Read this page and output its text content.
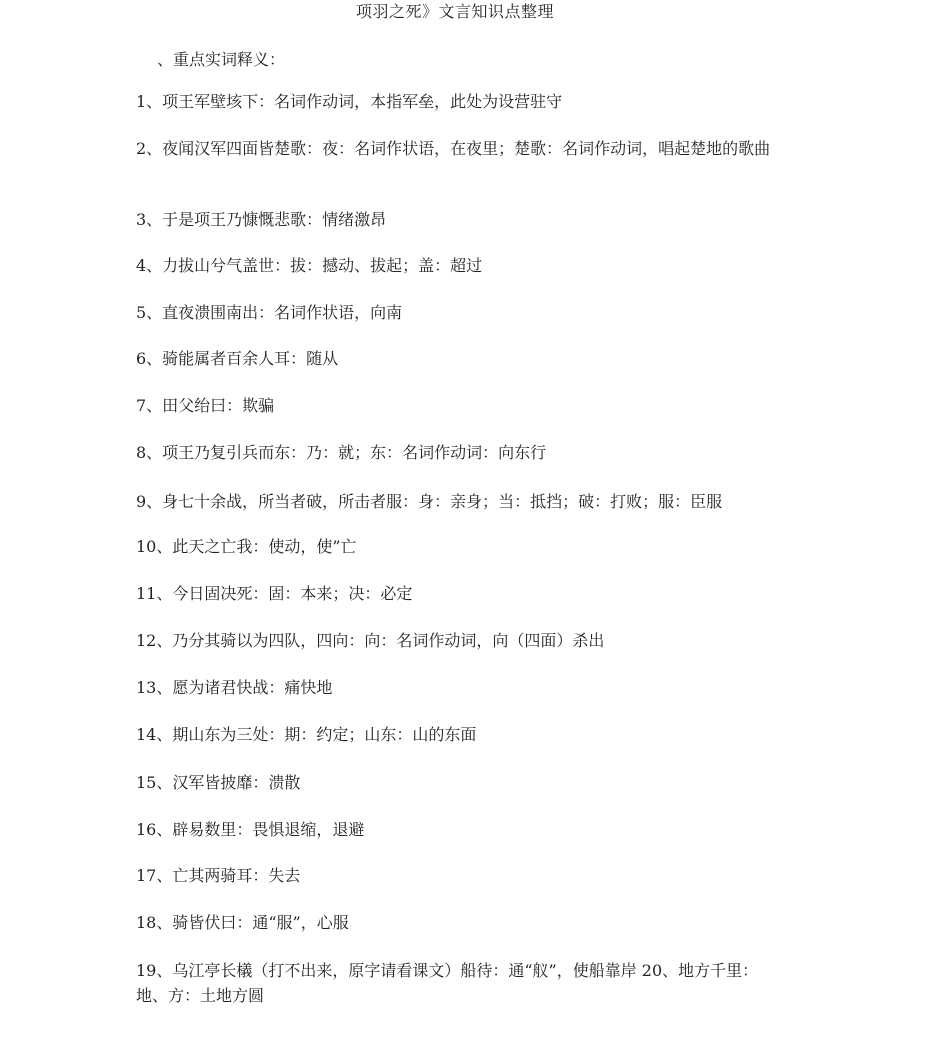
项羽之死》文言知识点整理
、重点实词释义：
1、项王军壁垓下：名词作动词，本指军垒，此处为设营驻守
2、夜闻汉军四面皆楚歌：夜：名词作状语，在夜里；楚歌：名词作动词，唱起楚地的歌曲
3、于是项王乃慷慨悲歌：情绪激昂
4、力拔山兮气盖世：拔：撼动、拔起；盖：超过
5、直夜溃围南出：名词作状语，向南
6、骑能属者百余人耳：随从
7、田父绐曰：欺骗
8、项王乃复引兵而东：乃：就；东：名词作动词：向东行
9、身七十余战，所当者破，所击者服：身：亲身；当：抵挡；破：打败；服：臣服
10、此天之亡我：使动，使”亡
11、今日固决死：固：本来；决：必定
12、乃分其骑以为四队，四向：向：名词作动词，向（四面）杀出
13、愿为诸君快战：痛快地
14、期山东为三处：期：约定；山东：山的东面
15、汉军皆披靡：溃散
16、辟易数里：畏惧退缩，退避
17、亡其两骑耳：失去
18、骑皆伏曰：通“服”，心服
19、乌江亭长檥（打不出来，原字请看课文）船待：通“舣”，使船靠岸 20、地方千里：地、方：土地方圆
